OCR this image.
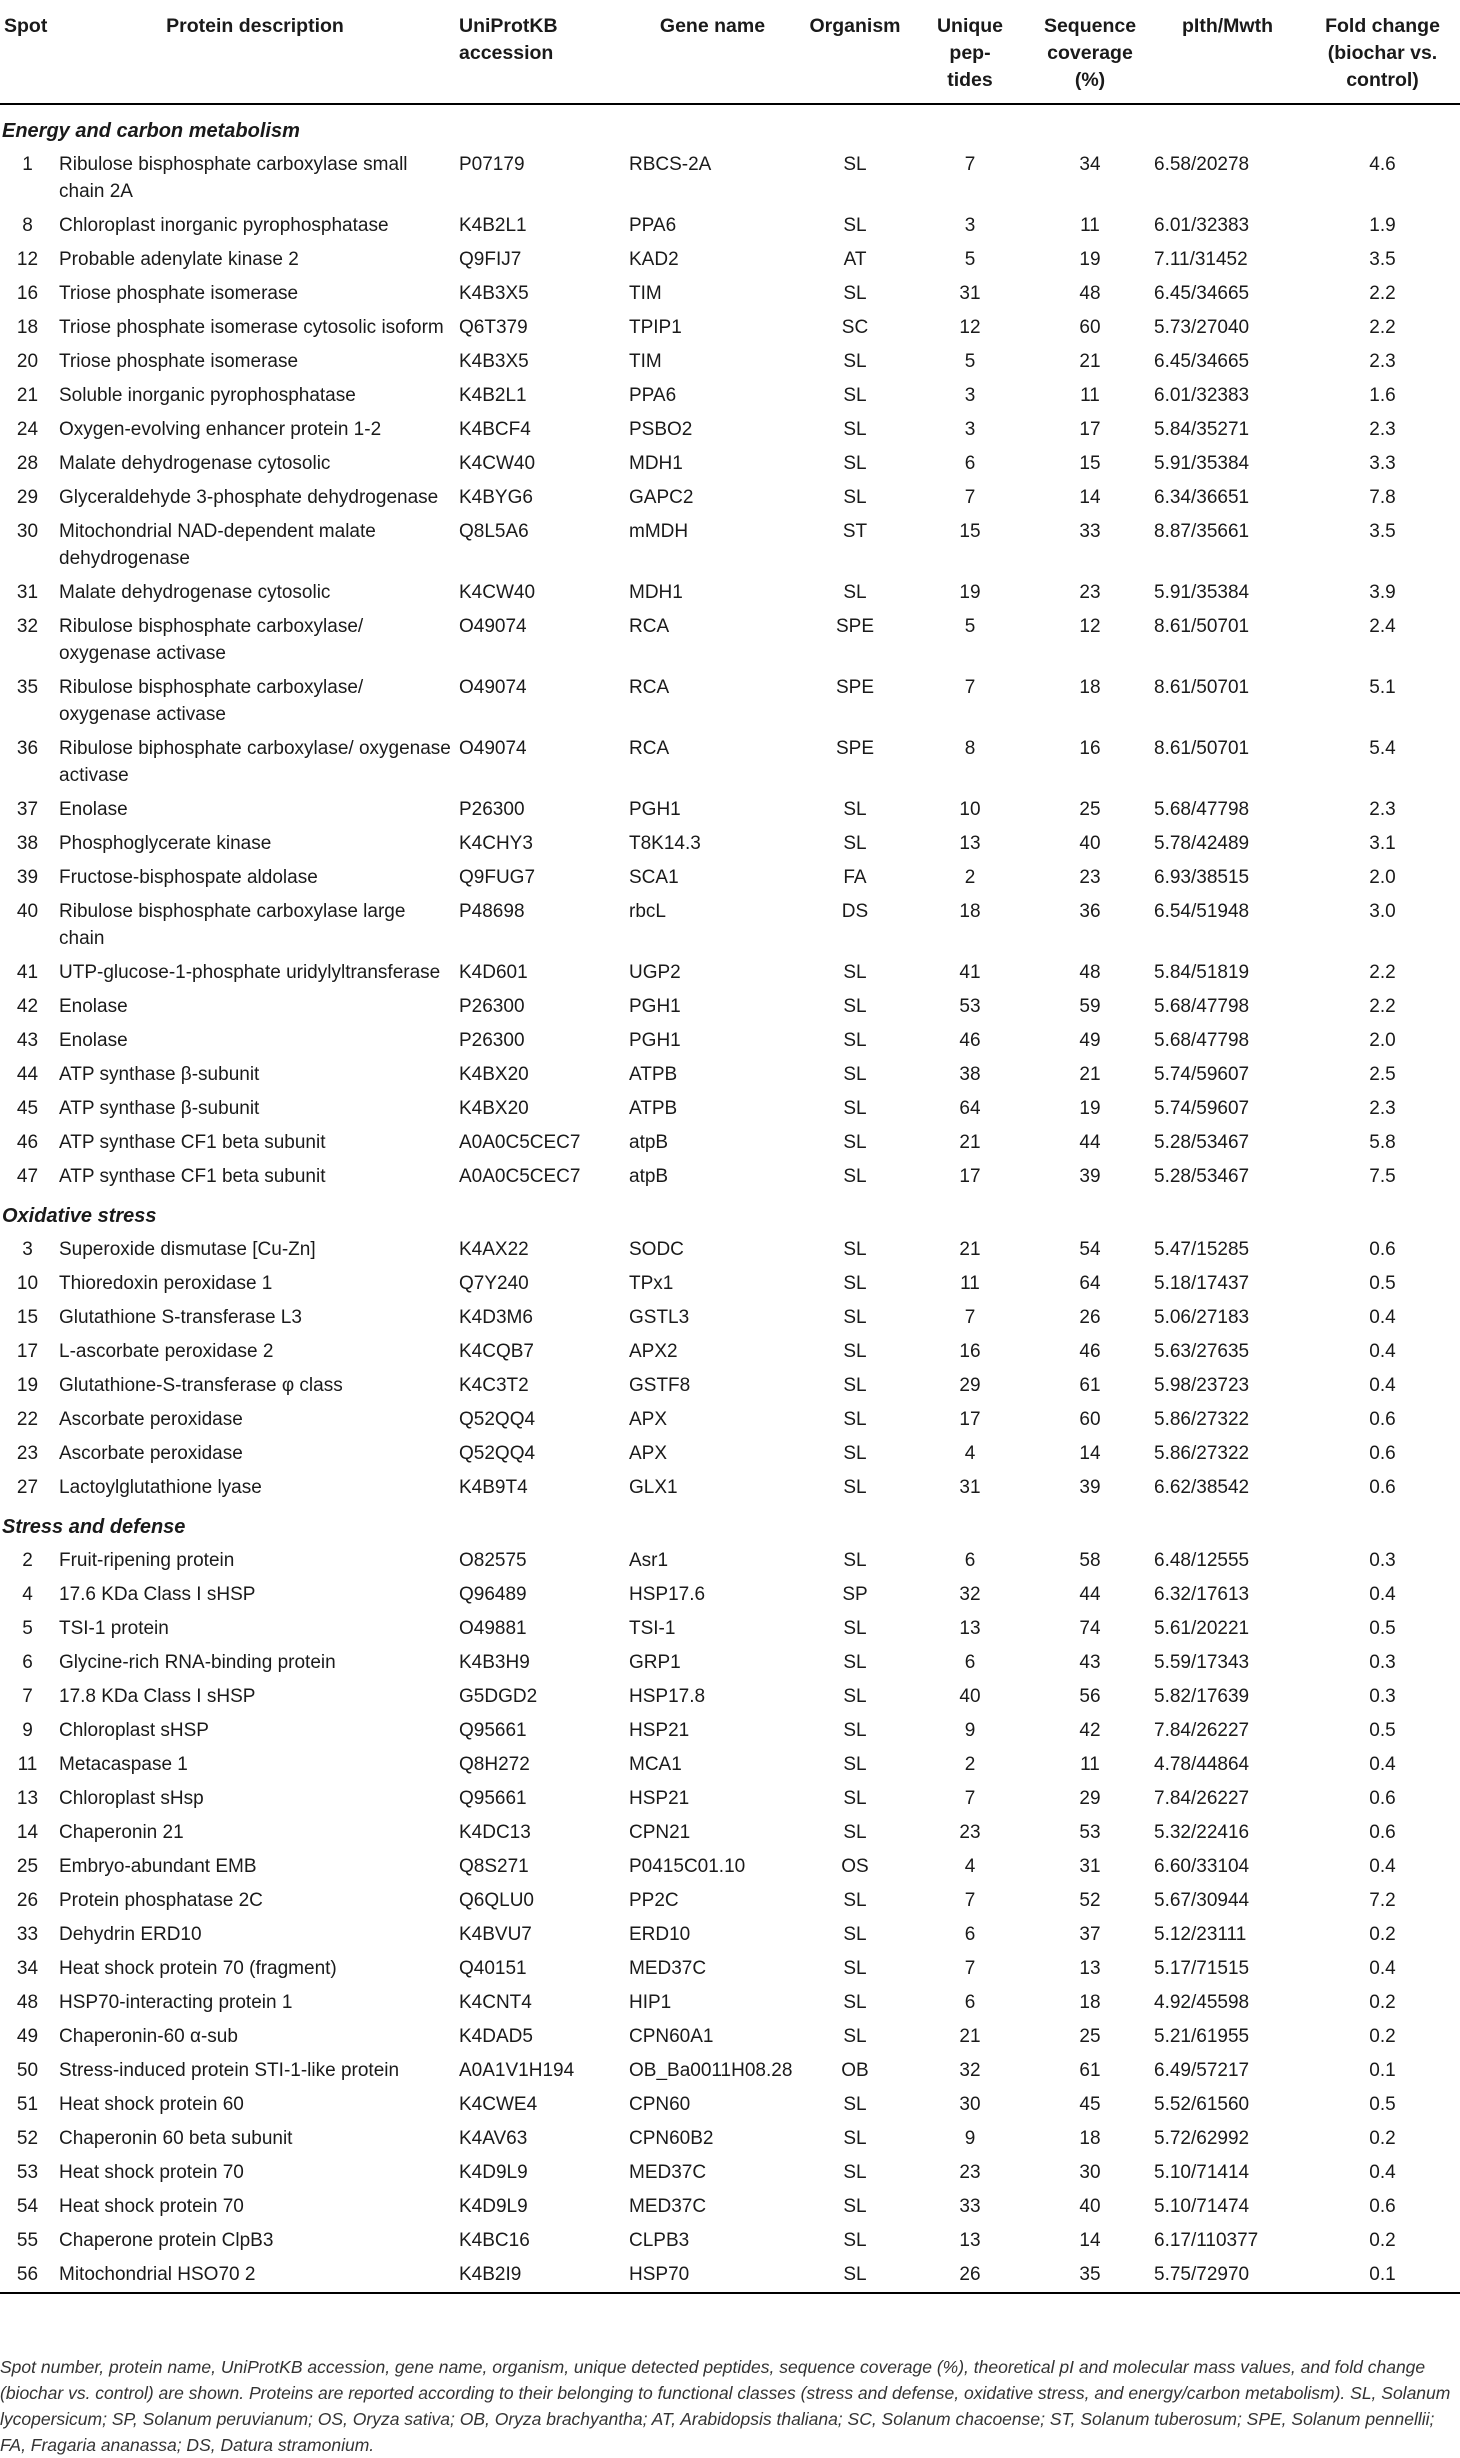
Spot	Protein description	UniProtKB accession	Gene name	Organism	Unique pep-tides	Sequence coverage (%)	pIth/Mwth	Fold change (biochar vs. control)
Energy and carbon metabolism								
1	Ribulose bisphosphate carboxylase small chain 2A	P07179	RBCS-2A	SL	7	34	6.58/20278	4.6
8	Chloroplast inorganic pyrophosphatase	K4B2L1	PPA6	SL	3	11	6.01/32383	1.9
12	Probable adenylate kinase 2	Q9FIJ7	KAD2	AT	5	19	7.11/31452	3.5
16	Triose phosphate isomerase	K4B3X5	TIM	SL	31	48	6.45/34665	2.2
18	Triose phosphate isomerase cytosolic isoform	Q6T379	TPIP1	SC	12	60	5.73/27040	2.2
20	Triose phosphate isomerase	K4B3X5	TIM	SL	5	21	6.45/34665	2.3
21	Soluble inorganic pyrophosphatase	K4B2L1	PPA6	SL	3	11	6.01/32383	1.6
24	Oxygen-evolving enhancer protein 1-2	K4BCF4	PSBO2	SL	3	17	5.84/35271	2.3
28	Malate dehydrogenase cytosolic	K4CW40	MDH1	SL	6	15	5.91/35384	3.3
29	Glyceraldehyde 3-phosphate dehydrogenase	K4BYG6	GAPC2	SL	7	14	6.34/36651	7.8
30	Mitochondrial NAD-dependent malate dehydrogenase	Q8L5A6	mMDH	ST	15	33	8.87/35661	3.5
31	Malate dehydrogenase cytosolic	K4CW40	MDH1	SL	19	23	5.91/35384	3.9
32	Ribulose bisphosphate carboxylase/ oxygenase activase	O49074	RCA	SPE	5	12	8.61/50701	2.4
35	Ribulose bisphosphate carboxylase/ oxygenase activase	O49074	RCA	SPE	7	18	8.61/50701	5.1
36	Ribulose biphosphate carboxylase/ oxygenase activase	O49074	RCA	SPE	8	16	8.61/50701	5.4
37	Enolase	P26300	PGH1	SL	10	25	5.68/47798	2.3
38	Phosphoglycerate kinase	K4CHY3	T8K14.3	SL	13	40	5.78/42489	3.1
39	Fructose-bisphospate aldolase	Q9FUG7	SCA1	FA	2	23	6.93/38515	2.0
40	Ribulose bisphosphate carboxylase large chain	P48698	rbcL	DS	18	36	6.54/51948	3.0
41	UTP-glucose-1-phosphate uridylyltransferase	K4D601	UGP2	SL	41	48	5.84/51819	2.2
42	Enolase	P26300	PGH1	SL	53	59	5.68/47798	2.2
43	Enolase	P26300	PGH1	SL	46	49	5.68/47798	2.0
44	ATP synthase β-subunit	K4BX20	ATPB	SL	38	21	5.74/59607	2.5
45	ATP synthase β-subunit	K4BX20	ATPB	SL	64	19	5.74/59607	2.3
46	ATP synthase CF1 beta subunit	A0A0C5CEC7	atpB	SL	21	44	5.28/53467	5.8
47	ATP synthase CF1 beta subunit	A0A0C5CEC7	atpB	SL	17	39	5.28/53467	7.5
Oxidative stress								
3	Superoxide dismutase [Cu-Zn]	K4AX22	SODC	SL	21	54	5.47/15285	0.6
10	Thioredoxin peroxidase 1	Q7Y240	TPx1	SL	11	64	5.18/17437	0.5
15	Glutathione S-transferase L3	K4D3M6	GSTL3	SL	7	26	5.06/27183	0.4
17	L-ascorbate peroxidase 2	K4CQB7	APX2	SL	16	46	5.63/27635	0.4
19	Glutathione-S-transferase φ class	K4C3T2	GSTF8	SL	29	61	5.98/23723	0.4
22	Ascorbate peroxidase	Q52QQ4	APX	SL	17	60	5.86/27322	0.6
23	Ascorbate peroxidase	Q52QQ4	APX	SL	4	14	5.86/27322	0.6
27	Lactoylglutathione lyase	K4B9T4	GLX1	SL	31	39	6.62/38542	0.6
Stress and defense								
2	Fruit-ripening protein	O82575	Asr1	SL	6	58	6.48/12555	0.3
4	17.6 KDa Class I sHSP	Q96489	HSP17.6	SP	32	44	6.32/17613	0.4
5	TSI-1 protein	O49881	TSI-1	SL	13	74	5.61/20221	0.5
6	Glycine-rich RNA-binding protein	K4B3H9	GRP1	SL	6	43	5.59/17343	0.3
7	17.8 KDa Class I sHSP	G5DGD2	HSP17.8	SL	40	56	5.82/17639	0.3
9	Chloroplast sHSP	Q95661	HSP21	SL	9	42	7.84/26227	0.5
11	Metacaspase 1	Q8H272	MCA1	SL	2	11	4.78/44864	0.4
13	Chloroplast sHsp	Q95661	HSP21	SL	7	29	7.84/26227	0.6
14	Chaperonin 21	K4DC13	CPN21	SL	23	53	5.32/22416	0.6
25	Embryo-abundant EMB	Q8S271	P0415C01.10	OS	4	31	6.60/33104	0.4
26	Protein phosphatase 2C	Q6QLU0	PP2C	SL	7	52	5.67/30944	7.2
33	Dehydrin ERD10	K4BVU7	ERD10	SL	6	37	5.12/23111	0.2
34	Heat shock protein 70 (fragment)	Q40151	MED37C	SL	7	13	5.17/71515	0.4
48	HSP70-interacting protein 1	K4CNT4	HIP1	SL	6	18	4.92/45598	0.2
49	Chaperonin-60 α-sub	K4DAD5	CPN60A1	SL	21	25	5.21/61955	0.2
50	Stress-induced protein STI-1-like protein	A0A1V1H194	OB_Ba0011H08.28	OB	32	61	6.49/57217	0.1
51	Heat shock protein 60	K4CWE4	CPN60	SL	30	45	5.52/61560	0.5
52	Chaperonin 60 beta subunit	K4AV63	CPN60B2	SL	9	18	5.72/62992	0.2
53	Heat shock protein 70	K4D9L9	MED37C	SL	23	30	5.10/71414	0.4
54	Heat shock protein 70	K4D9L9	MED37C	SL	33	40	5.10/71474	0.6
55	Chaperone protein ClpB3	K4BC16	CLPB3	SL	13	14	6.17/110377	0.2
56	Mitochondrial HSO70 2	K4B2I9	HSP70	SL	26	35	5.75/72970	0.1

Spot number, protein name, UniProtKB accession, gene name, organism, unique detected peptides, sequence coverage (%), theoretical pI and molecular mass values, and fold change (biochar vs. control) are shown. Proteins are reported according to their belonging to functional classes (stress and defense, oxidative stress, and energy/carbon metabolism). SL, Solanum lycopersicum; SP, Solanum peruvianum; OS, Oryza sativa; OB, Oryza brachyantha; AT, Arabidopsis thaliana; SC, Solanum chacoense; ST, Solanum tuberosum; SPE, Solanum pennellii; FA, Fragaria ananassa; DS, Datura stramonium.
